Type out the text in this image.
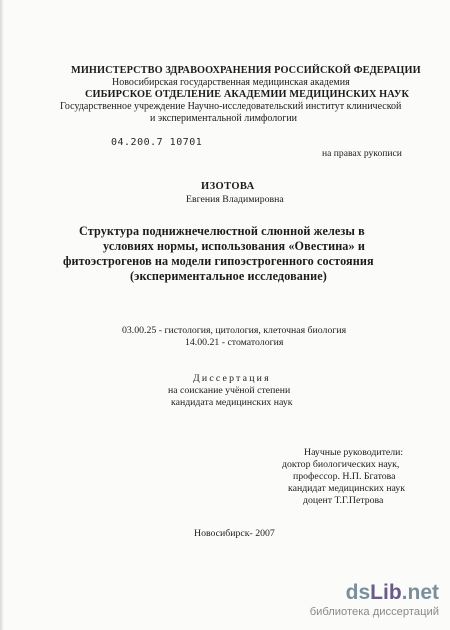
МИНИСТЕРСТВО ЗДРАВООХРАНЕНИЯ РОССИЙСКОЙ ФЕДЕРАЦИИ
Новосибирская государственная медицинская академия
СИБИРСКОЕ ОТДЕЛЕНИЕ АКАДЕМИИ МЕДИЦИНСКИХ НАУК
Государственное учреждение Научно-исследовательский институт клинической
и экспериментальной лимфологии
04.200.7 10701
на правах рукописи
ИЗОТОВА
Евгения Владимировна
Структура поднижнечелюстной слюнной железы в
условиях нормы, использования «Овестина» и
фитоэстрогенов на модели гипоэстрогенного состояния
(экспериментальное исследование)
03.00.25 - гистология, цитология, клеточная биология
14.00.21 - стоматология
Диссертация
на соискание учёной степени
кандидата медицинских наук
Научные руководители:
доктор биологических наук,
профессор. Н.П. Бгатова
кандидат медицинских наук
доцент Т.Г.Петрова
Новосибирск- 2007
dsLib.net
библиотека диссертаций
